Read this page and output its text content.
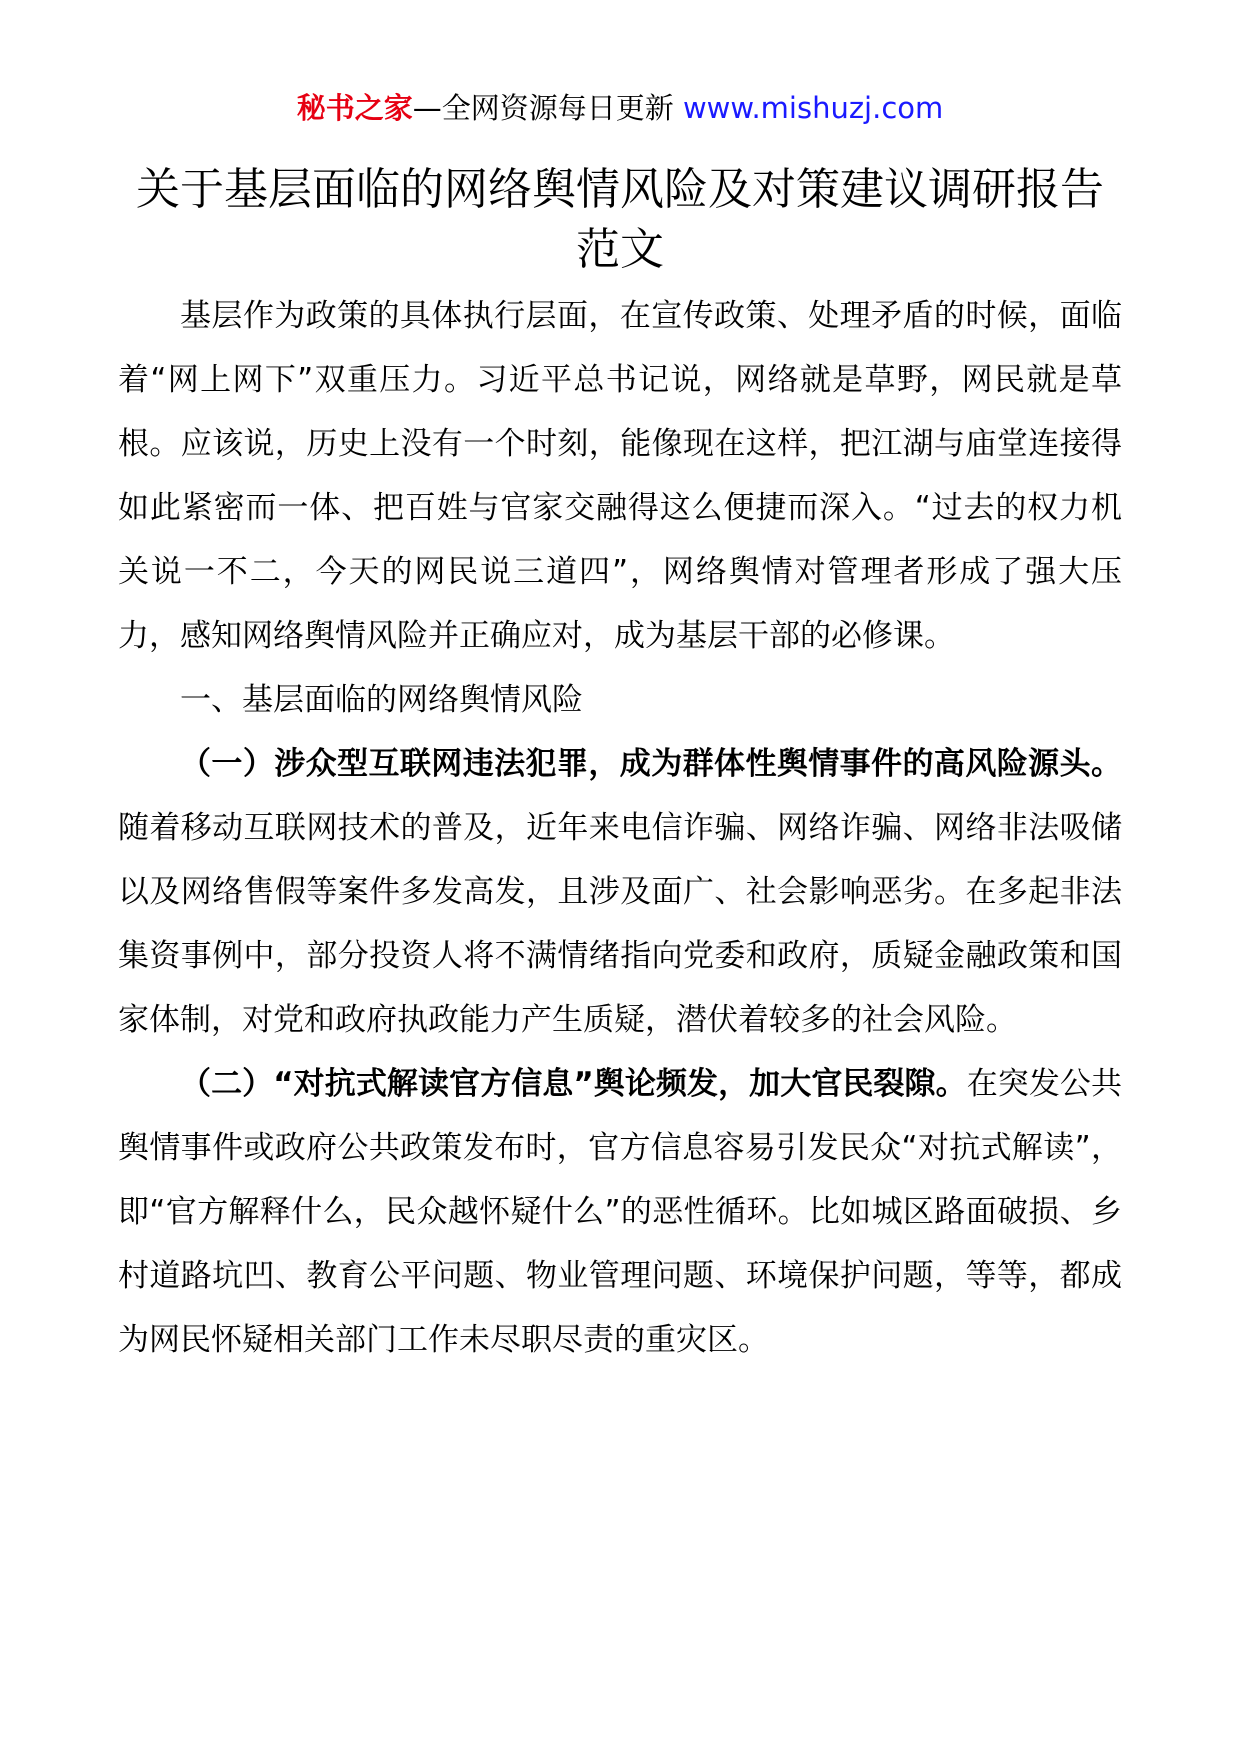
秘书之家—全网资源每日更新 www.mishuzj.com
关于基层面临的网络舆情风险及对策建议调研报告范文

基层作为政策的具体执行层面，在宣传政策、处理矛盾的时候，面临着“网上网下”双重压力。习近平总书记说，网络就是草野，网民就是草根。应该说，历史上没有一个时刻，能像现在这样，把江湖与庙堂连接得如此紧密而一体、把百姓与官家交融得这么便捷而深入。“过去的权力机关说一不二，今天的网民说三道四”，网络舆情对管理者形成了强大压力，感知网络舆情风险并正确应对，成为基层干部的必修课。

一、基层面临的网络舆情风险

（一）涉众型互联网违法犯罪，成为群体性舆情事件的高风险源头。随着移动互联网技术的普及，近年来电信诈骗、网络诈骗、网络非法吸储以及网络售假等案件多发高发，且涉及面广、社会影响恶劣。在多起非法集资事例中，部分投资人将不满情绪指向党委和政府，质疑金融政策和国家体制，对党和政府执政能力产生质疑，潜伏着较多的社会风险。

（二）“对抗式解读官方信息”舆论频发，加大官民裂隙。在突发公共舆情事件或政府公共政策发布时，官方信息容易引发民众“对抗式解读”，即“官方解释什么，民众越怀疑什么”的恶性循环。比如城区路面破损、乡村道路坑凹、教育公平问题、物业管理问题、环境保护问题，等等，都成为网民怀疑相关部门工作未尽职尽责的重灾区。
